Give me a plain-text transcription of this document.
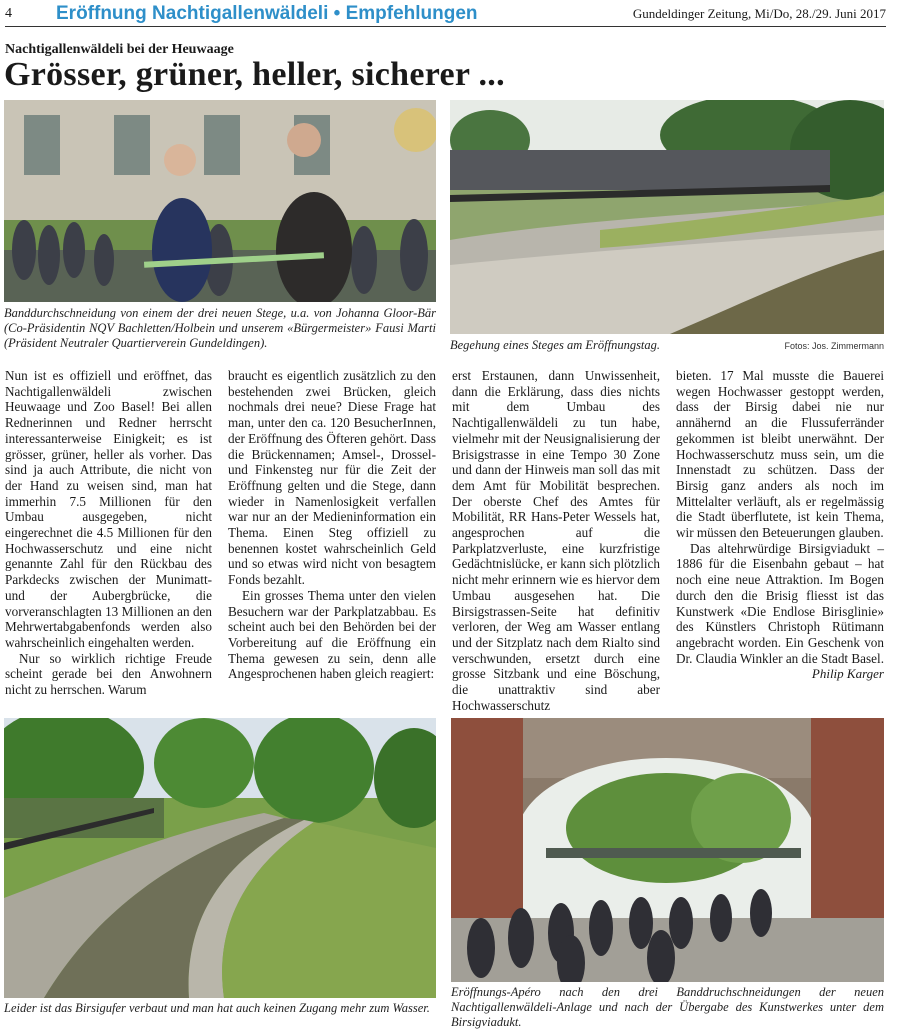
4 Eröffnung Nachtigallenwäldeli • Empfehlungen	Gundeldinger Zeitung, Mi/Do, 28./29. Juni 2017
Nachtigallenwäldeli bei der Heuwaage
Grösser, grüner, heller, sicherer ...
Banddurchschneidung von einem der drei neuen Stege, u.a. von Johanna Gloor-Bär (Co-Präsidentin NQV Bachletten/Holbein und unserem «Bürgermeister» Fausi Marti (Präsident Neutraler Quartierverein Gundeldingen).	Begehung eines Steges am Eröffnungstag.	Fotos: Jos. Zimmermann

Nun ist es offiziell und eröffnet, das Nachtigallenwäldeli zwischen Heuwaage und Zoo Basel! Bei allen Rednerinnen und Redner herrscht interessanterweise Einigkeit; es ist grösser, grüner, heller als vorher. Das sind ja auch Attribute, die nicht von der Hand zu weisen sind, man hat immerhin 7.5 Millionen für den Umbau ausgegeben, nicht eingerechnet die 4.5 Millionen für den Hochwasserschutz und eine nicht genannte Zahl für den Rückbau des Parkdecks zwischen der Munimatt- und der Aubergbrücke, die vorveranschlagten 13 Millionen an den Mehrwertabgabenfonds werden also wahrscheinlich eingehalten werden.

Nur so wirklich richtige Freude scheint gerade bei den Anwohnern nicht zu herrschen. Warum

braucht es eigentlich zusätzlich zu den bestehenden zwei Brücken, gleich nochmals drei neue? Diese Frage hat man, unter den ca. 120 BesucherInnen, der Eröffnung des Öfteren gehört. Dass die Brückennamen; Amsel-, Drossel- und Finkensteg nur für die Zeit der Eröffnung gelten und die Stege, dann wieder in Namenlosigkeit verfallen war nur an der Medieninformation ein Thema. Einen Steg offiziell zu benennen kostet wahrscheinlich Geld und so etwas wird nicht von besagtem Fonds bezahlt.

Ein grosses Thema unter den vielen Besuchern war der Parkplatzabbau. Es scheint auch bei den Behörden bei der Vorbereitung auf die Eröffnung ein Thema gewesen zu sein, denn alle Angesprochenen haben gleich reagiert:

erst Erstaunen, dann Unwissenheit, dann die Erklärung, dass dies nichts mit dem Umbau des Nachtigallenwäldeli zu tun habe, vielmehr mit der Neusignalisierung der Brisigstrasse in eine Tempo 30 Zone und dann der Hinweis man soll das mit dem Amt für Mobilität besprechen. Der oberste Chef des Amtes für Mobilität, RR Hans-Peter Wessels hat, angesprochen auf die Parkplatzverluste, eine kurzfristige Gedächtnislücke, er kann sich plötzlich nicht mehr erinnern wie es hiervor dem Umbau ausgesehen hat. Die Birsigstrassen-Seite hat definitiv verloren, der Weg am Wasser entlang und der Sitzplatz nach dem Rialto sind verschwunden, ersetzt durch eine grosse Sitzbank und eine Böschung, die unattraktiv sind aber Hochwasserschutz

bieten. 17 Mal musste die Bauerei wegen Hochwasser gestoppt werden, dass der Birsig dabei nie nur annähernd an die Flussuferränder gekommen ist bleibt unerwähnt. Der Hochwasserschutz muss sein, um die Innenstadt zu schützen. Dass der Birsig ganz anders als noch im Mittelalter verläuft, als er regelmässig die Stadt überflutete, ist kein Thema, wir müssen den Beteuerungen glauben.

Das altehrwürdige Birsigviadukt – 1886 für die Eisenbahn gebaut – hat noch eine neue Attraktion. Im Bogen durch den die Brisig fliesst ist das Kunstwerk «Die Endlose Birisglinie» des Künstlers Christoph Rütimann angebracht worden. Ein Geschenk von Dr. Claudia Winkler an die Stadt Basel.

Philip Karger
Leider ist das Birsigufer verbaut und man hat auch keinen Zugang mehr zum Wasser.
Eröffnungs-Apéro nach den drei Banddruchschneidungen der neuen Nachtigallenwäldeli-Anlage und nach der Übergabe des Kunstwerkes unter dem Birsigviadukt.
